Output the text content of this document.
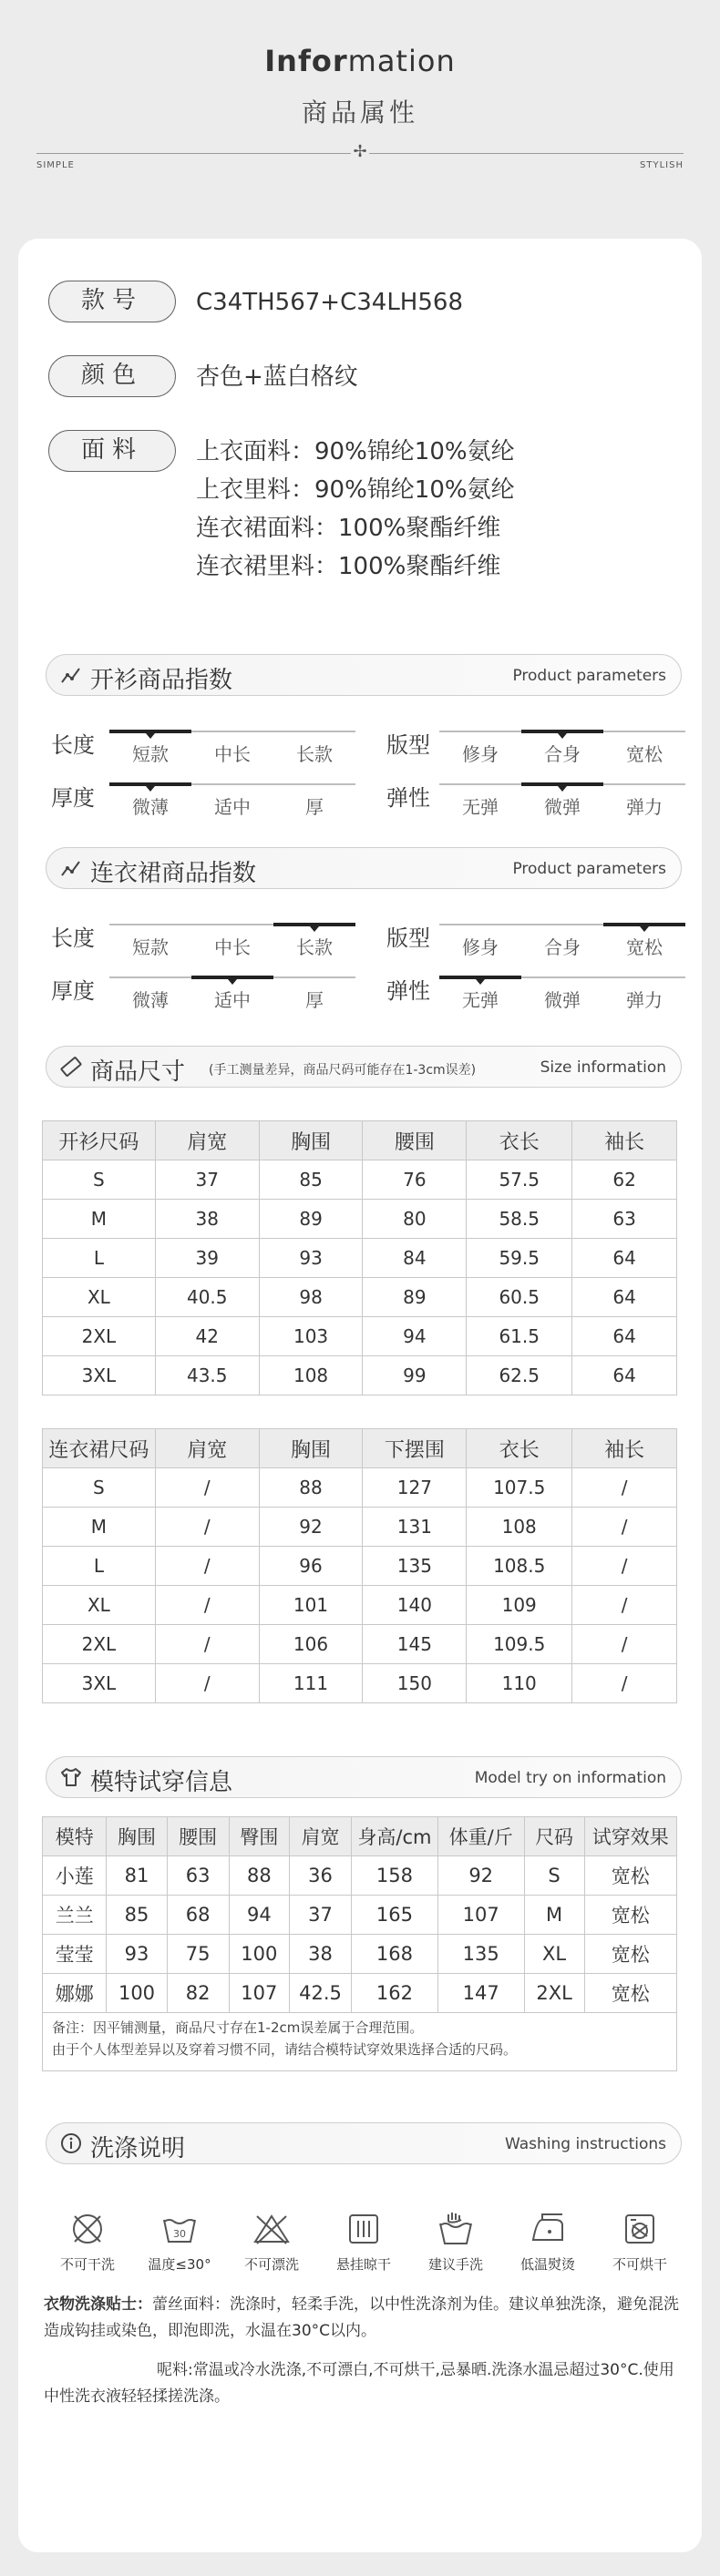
Information
商品属性
✢
SIMPLE	STYLISH
款号	C34TH567+C34LH568
颜色	杏色+蓝白格纹
面料	上衣面料：90%锦纶10%氨纶
上衣里料：90%锦纶10%氨纶
连衣裙面料：100%聚酯纤维
连衣裙里料：100%聚酯纤维
开衫商品指数	Product parameters
长度	短款	中长	长款	版型	修身	合身	宽松
厚度	微薄	适中	厚	弹性	无弹	微弹	弹力
连衣裙商品指数	Product parameters
长度	短款	中长	长款	版型	修身	合身	宽松
厚度	微薄	适中	厚	弹性	无弹	微弹	弹力
商品尺寸 (手工测量差异，商品尺码可能存在1-3cm误差)	Size information
开衫尺码	肩宽	胸围	腰围	衣长	袖长
S	37	85	76	57.5	62
M	38	89	80	58.5	63
L	39	93	84	59.5	64
XL	40.5	98	89	60.5	64
2XL	42	103	94	61.5	64
3XL	43.5	108	99	62.5	64
连衣裙尺码	肩宽	胸围	下摆围	衣长	袖长
S	/	88	127	107.5	/
M	/	92	131	108	/
L	/	96	135	108.5	/
XL	/	101	140	109	/
2XL	/	106	145	109.5	/
3XL	/	111	150	110	/
模特试穿信息	Model try on information
模特	胸围	腰围	臀围	肩宽	身高/cm	体重/斤	尺码	试穿效果
小莲	81	63	88	36	158	92	S	宽松
兰兰	85	68	94	37	165	107	M	宽松
莹莹	93	75	100	38	168	135	XL	宽松
娜娜	100	82	107	42.5	162	147	2XL	宽松
备注：因平铺测量，商品尺寸存在1-2cm误差属于合理范围。
由于个人体型差异以及穿着习惯不同，请结合模特试穿效果选择合适的尺码。
洗涤说明	Washing instructions
不可干洗
30
温度≤30°	不可漂洗	悬挂晾干	建议手洗	低温熨烫	不可烘干
衣物洗涤贴士：蕾丝面料：洗涤时，轻柔手洗，以中性洗涤剂为佳。建议单独洗涤，避免混洗造成钩挂或染色，即泡即洗，水温在30°C以内。
呢料:常温或冷水洗涤,不可漂白,不可烘干,忌暴晒.洗涤水温忌超过30°C.使用中性洗衣液轻轻揉搓洗涤。
